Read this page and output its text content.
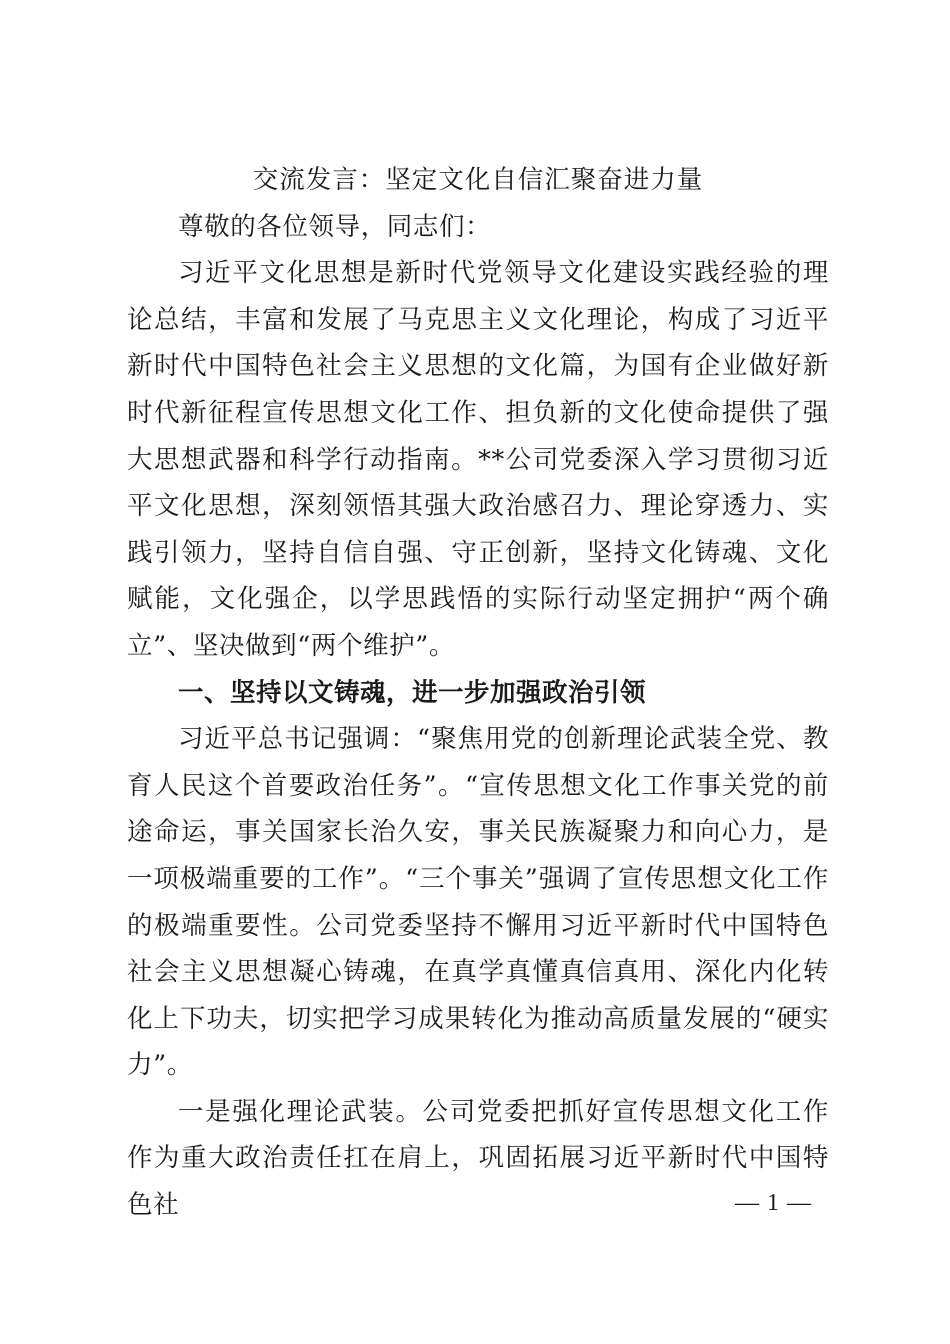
交流发言：坚定文化自信汇聚奋进力量

尊敬的各位领导，同志们：

习近平文化思想是新时代党领导文化建设实践经验的理论总结，丰富和发展了马克思主义文化理论，构成了习近平新时代中国特色社会主义思想的文化篇，为国有企业做好新时代新征程宣传思想文化工作、担负新的文化使命提供了强大思想武器和科学行动指南。**公司党委深入学习贯彻习近平文化思想，深刻领悟其强大政治感召力、理论穿透力、实践引领力，坚持自信自强、守正创新，坚持文化铸魂、文化赋能，文化强企，以学思践悟的实际行动坚定拥护“两个确立”、坚决做到“两个维护”。

一、坚持以文铸魂，进一步加强政治引领

习近平总书记强调：“聚焦用党的创新理论武装全党、教育人民这个首要政治任务”。“宣传思想文化工作事关党的前途命运，事关国家长治久安，事关民族凝聚力和向心力，是一项极端重要的工作”。“三个事关”强调了宣传思想文化工作的极端重要性。公司党委坚持不懈用习近平新时代中国特色社会主义思想凝心铸魂，在真学真懂真信真用、深化内化转化上下功夫，切实把学习成果转化为推动高质量发展的“硬实力”。

一是强化理论武装。公司党委把抓好宣传思想文化工作作为重大政治责任扛在肩上，巩固拓展习近平新时代中国特色社	— 1 —
